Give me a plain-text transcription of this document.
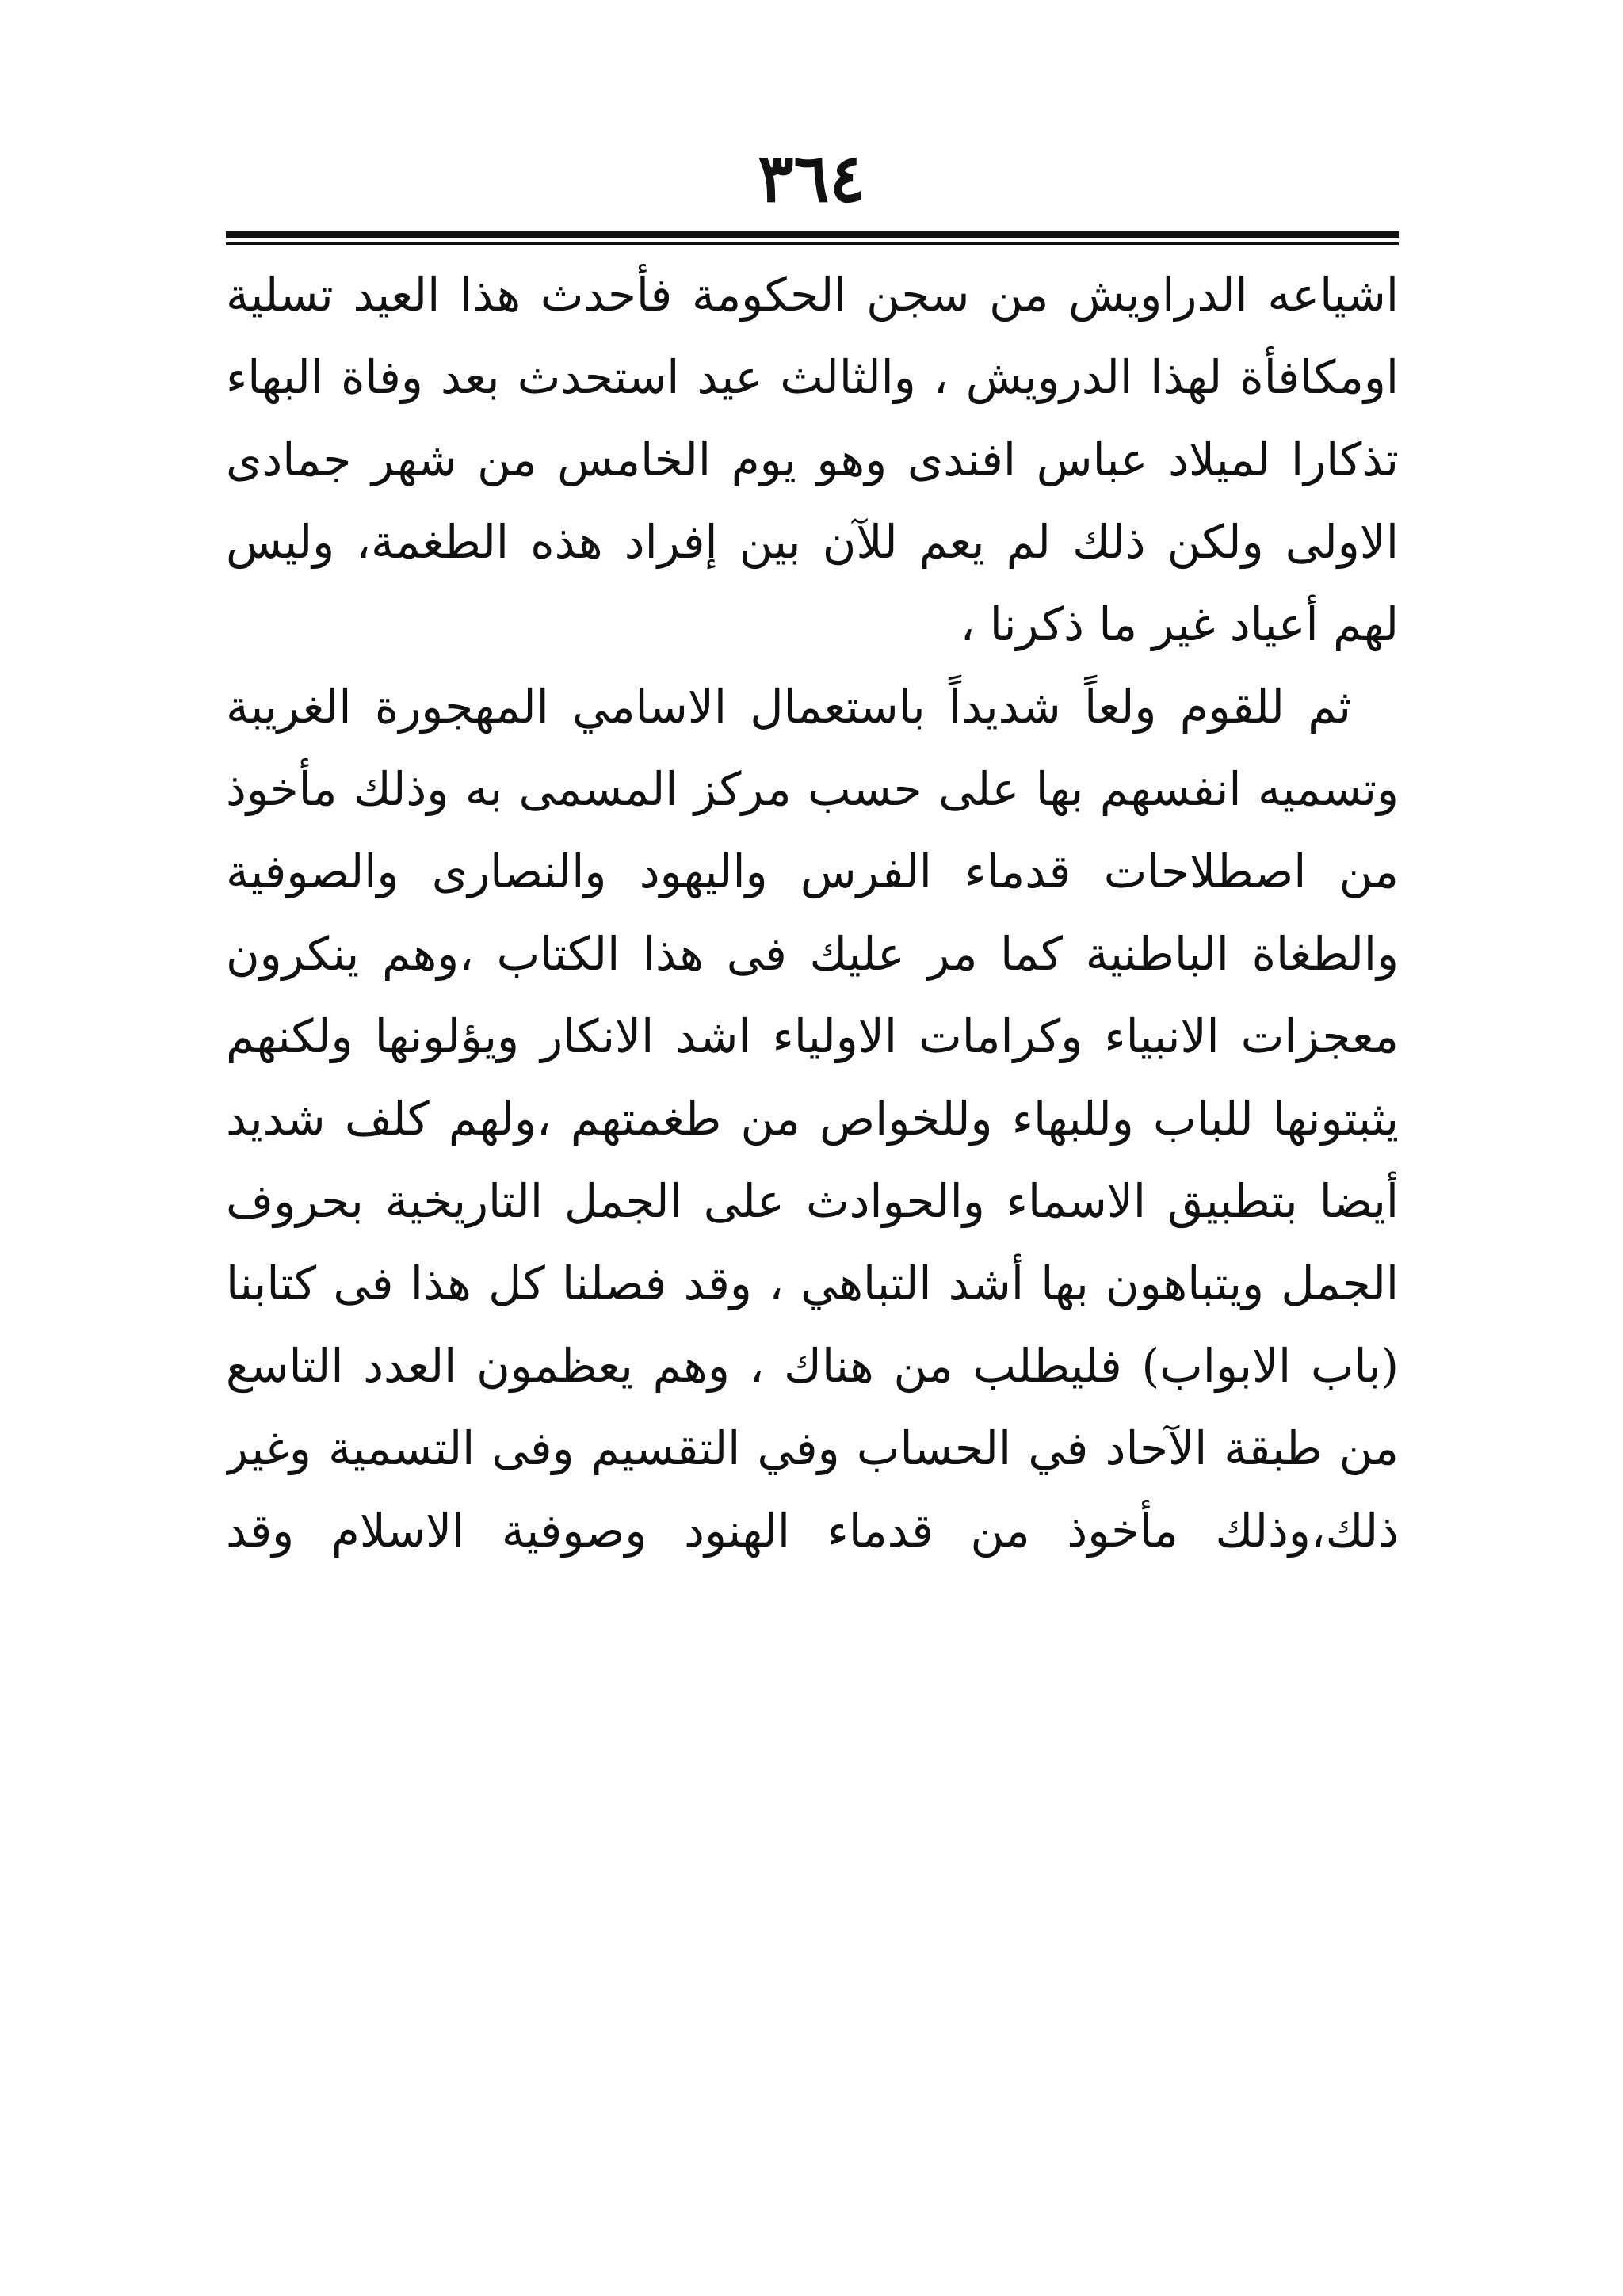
٣٦٤
اشياعه الدراويش من سجن الحكومة فأحدث هذا العيد تسلية
اومكافأة لهذا الدرويش ، والثالث عيد استحدث بعد وفاة البهاء
تذكارا لميلاد عباس افندى وهو يوم الخامس من شهر جمادى
الاولى ولكن ذلك لم يعم للآن بين إفراد هذه الطغمة، وليس
لهم أعياد غير ما ذكرنا ،
ثم للقوم ولعاً شديداً باستعمال الاسامي المهجورة الغريبة
وتسميه انفسهم بها على حسب مركز المسمى به وذلك مأخوذ
من اصطلاحات قدماء الفرس واليهود والنصارى والصوفية
والطغاة الباطنية كما مر عليك فى هذا الكتاب ،وهم ينكرون
معجزات الانبياء وكرامات الاولياء اشد الانكار ويؤلونها ولكنهم
يثبتونها للباب وللبهاء وللخواص من طغمتهم ،ولهم كلف شديد
أيضا بتطبيق الاسماء والحوادث على الجمل التاريخية بحروف
الجمل ويتباهون بها أشد التباهي ، وقد فصلنا كل هذا فى كتابنا
(باب الابواب) فليطلب من هناك ، وهم يعظمون العدد التاسع
من طبقة الآحاد في الحساب وفي التقسيم وفى التسمية وغير
ذلك،وذلك مأخوذ من قدماء الهنود وصوفية الاسلام وقد
